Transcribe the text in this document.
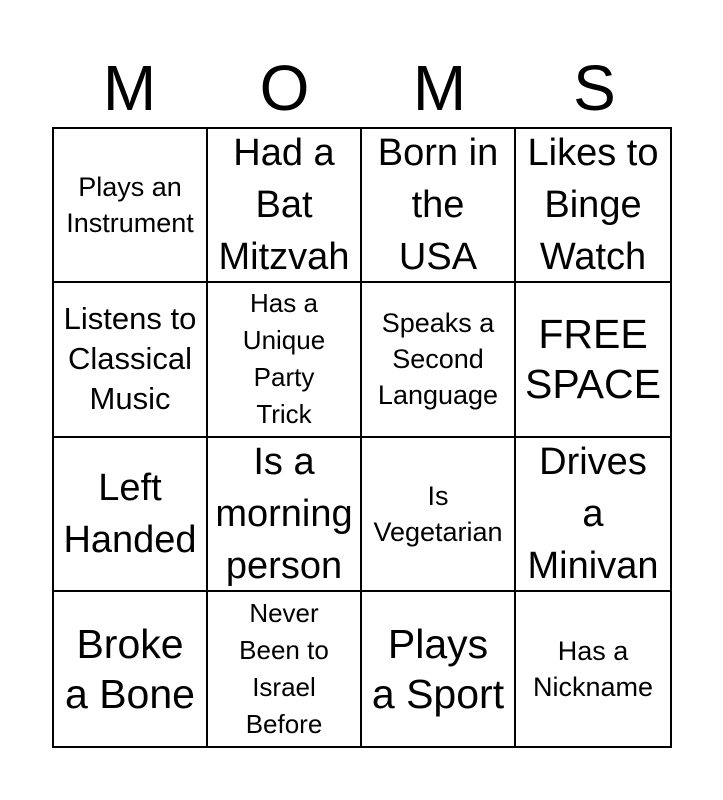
M	O	M	S
Plays an
Instrument
Had a
Bat
Mitzvah
Born in
the
USA
Likes to
Binge
Watch
Listens to
Classical
Music
Has a
Unique
Party
Trick
Speaks a
Second
Language
FREE
SPACE
Left
Handed
Is a
morning
person
Is
Vegetarian
Drives
a
Minivan
Broke
a Bone
Never
Been to
Israel
Before
Plays
a Sport
Has a
Nickname
